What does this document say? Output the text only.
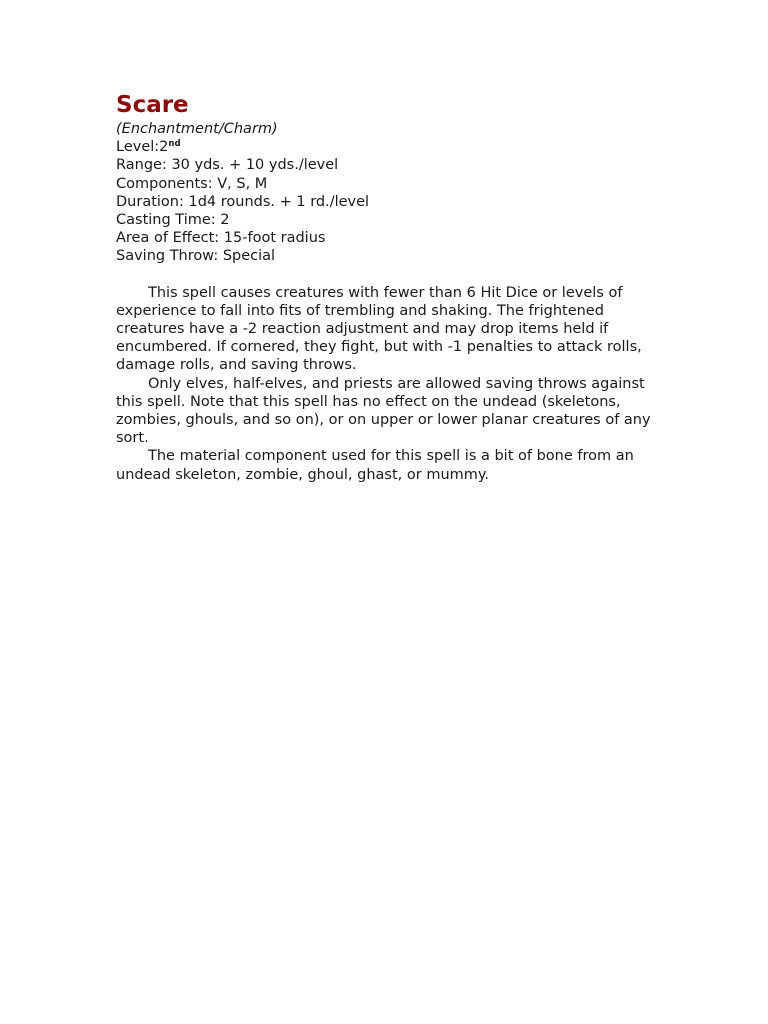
Scare
(Enchantment/Charm)
Level:2nd
Range: 30 yds. + 10 yds./level
Components: V, S, M
Duration: 1d4 rounds. + 1 rd./level
Casting Time: 2
Area of Effect: 15-foot radius
Saving Throw: Special

This spell causes creatures with fewer than 6 Hit Dice or levels of experience to fall into fits of trembling and shaking. The frightened creatures have a -2 reaction adjustment and may drop items held if encumbered. If cornered, they fight, but with -1 penalties to attack rolls, damage rolls, and saving throws.

Only elves, half-elves, and priests are allowed saving throws against this spell. Note that this spell has no effect on the undead (skeletons, zombies, ghouls, and so on), or on upper or lower planar creatures of any sort.

The material component used for this spell is a bit of bone from an undead skeleton, zombie, ghoul, ghast, or mummy.
